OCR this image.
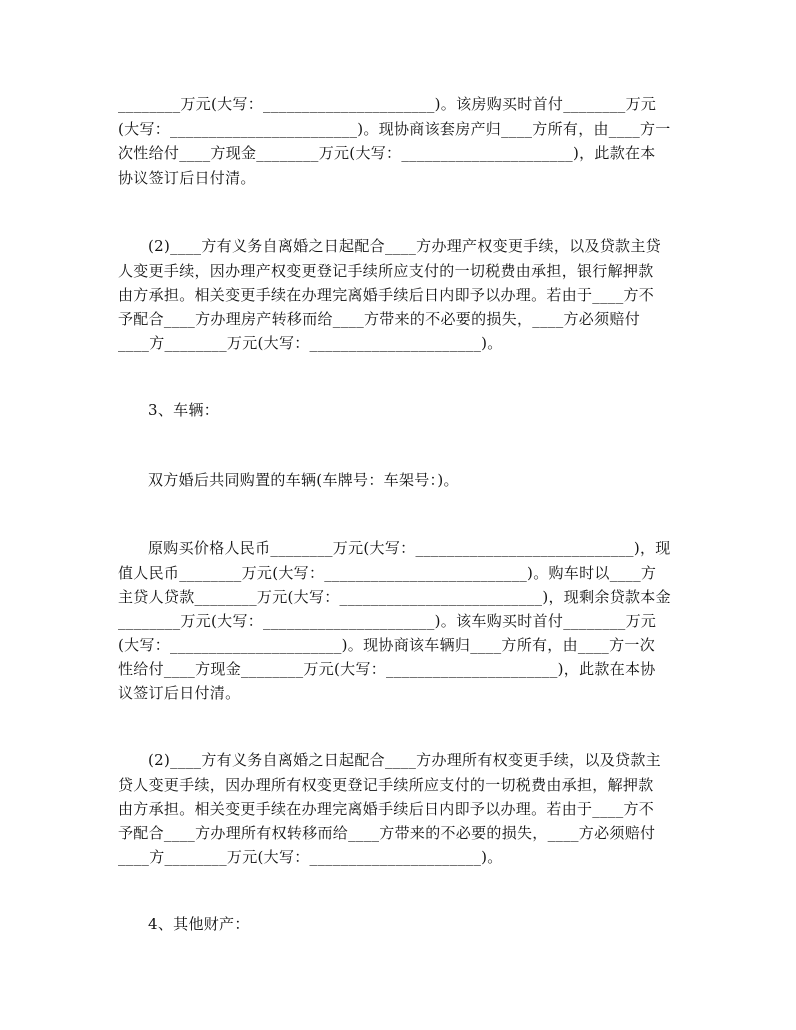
________万元(大写：______________________)。该房购买时首付________万元
(大写：________________________)。现协商该套房产归____方所有，由____方一
次性给付____方现金________万元(大写：______________________)，此款在本
协议签订后日付清。
(2)____方有义务自离婚之日起配合____方办理产权变更手续，以及贷款主贷
人变更手续，因办理产权变更登记手续所应支付的一切税费由承担，银行解押款
由方承担。相关变更手续在办理完离婚手续后日内即予以办理。若由于____方不
予配合____方办理房产转移而给____方带来的不必要的损失，____方必须赔付
____方________万元(大写：______________________)。
3、车辆：
双方婚后共同购置的车辆(车牌号：车架号：)。
原购买价格人民币________万元(大写：____________________________)，现
值人民币________万元(大写：__________________________)。购车时以____方
主贷人贷款________万元(大写：__________________________)，现剩余贷款本金
________万元(大写：______________________)。该车购买时首付________万元
(大写：______________________)。现协商该车辆归____方所有，由____方一次
性给付____方现金________万元(大写：______________________)，此款在本协
议签订后日付清。
(2)____方有义务自离婚之日起配合____方办理所有权变更手续，以及贷款主
贷人变更手续，因办理所有权变更登记手续所应支付的一切税费由承担，解押款
由方承担。相关变更手续在办理完离婚手续后日内即予以办理。若由于____方不
予配合____方办理所有权转移而给____方带来的不必要的损失，____方必须赔付
____方________万元(大写：______________________)。
4、其他财产：
